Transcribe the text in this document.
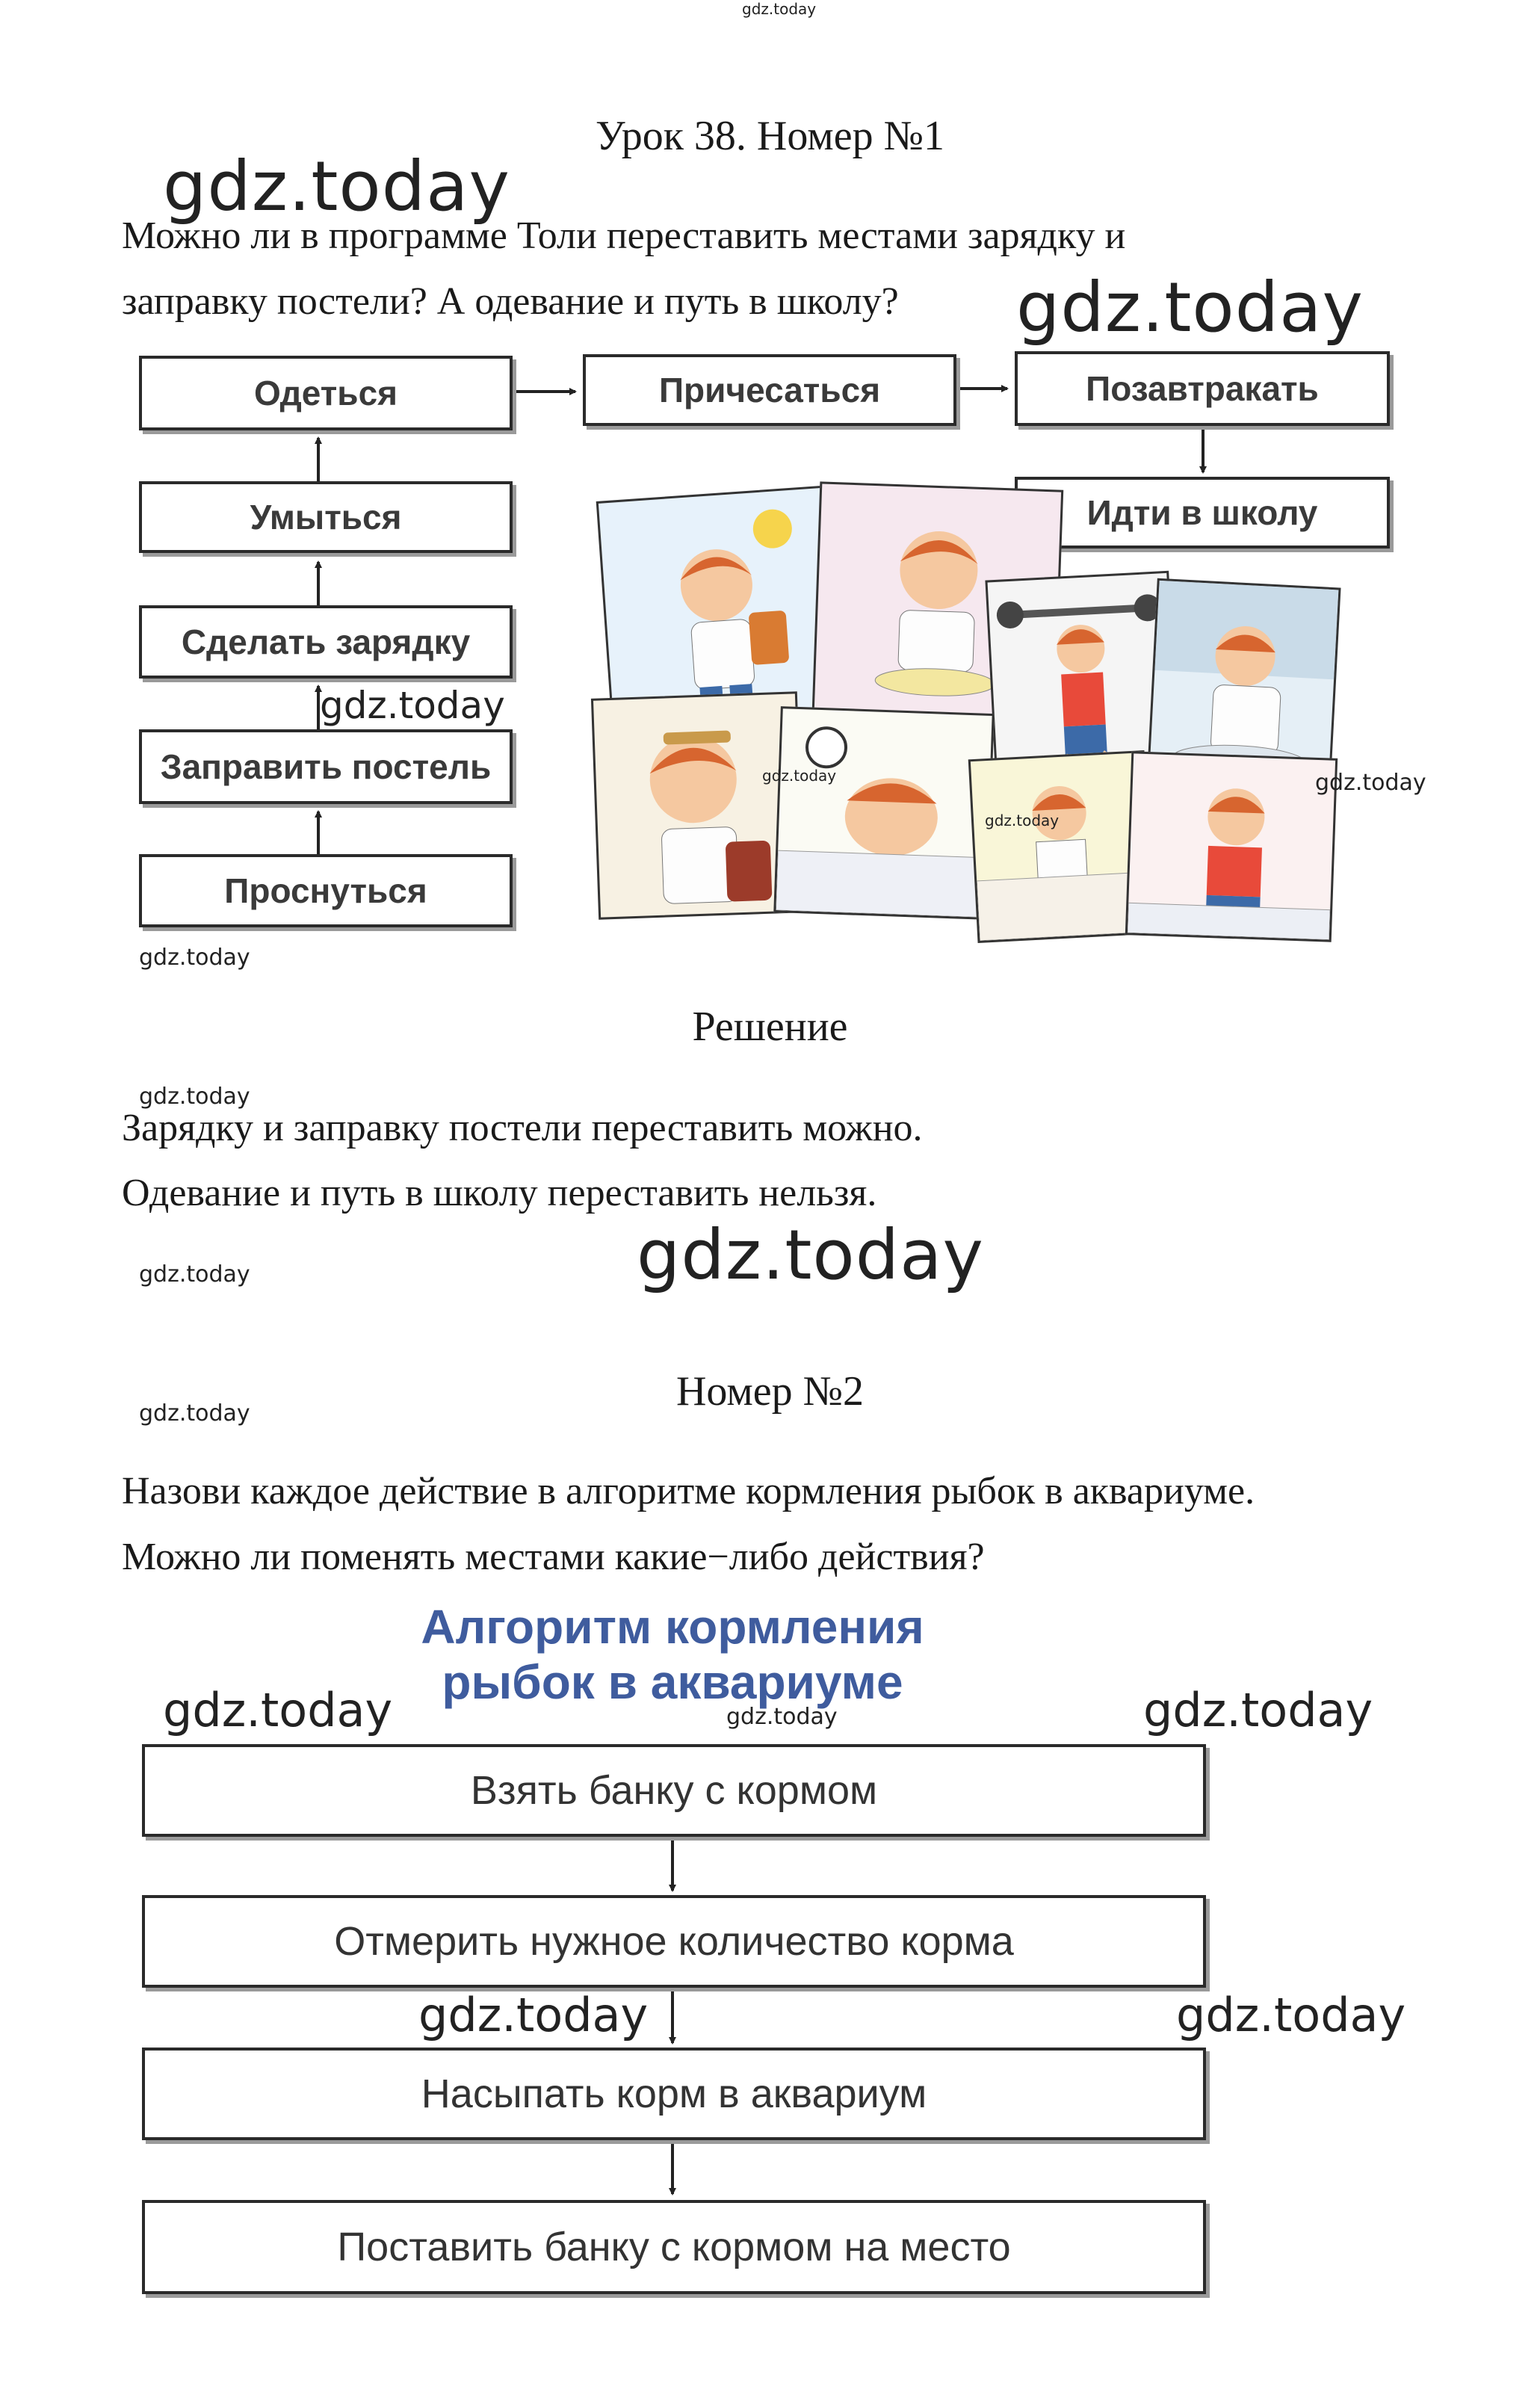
gdz.today
Урок 38. Номер №1
gdz.today
Можно ли в программе Толи переставить местами зарядку и
заправку постели? А одевание и путь в школу?	gdz.today
Одеться	Причесаться	Позавтракать
Идти в школу
Умыться
Сделать зарядку
Заправить постель
Проснуться
gdz.today
gdz.today
gdz.today
gdz.today
gdz.today
Решение
gdz.today
Зарядку и заправку постели переставить можно.
Одевание и путь в школу переставить нельзя.
gdz.today
gdz.today
Номер №2
gdz.today
Назови каждое действие в алгоритме кормления рыбок в аквариуме.
Можно ли поменять местами какие−либо действия?
Алгоритм кормления
рыбок в аквариуме
gdz.today	gdz.today	gdz.today
Взять банку с кормом
Отмерить нужное количество корма
Насыпать корм в аквариум
Поставить банку с кормом на место
gdz.today	gdz.today
